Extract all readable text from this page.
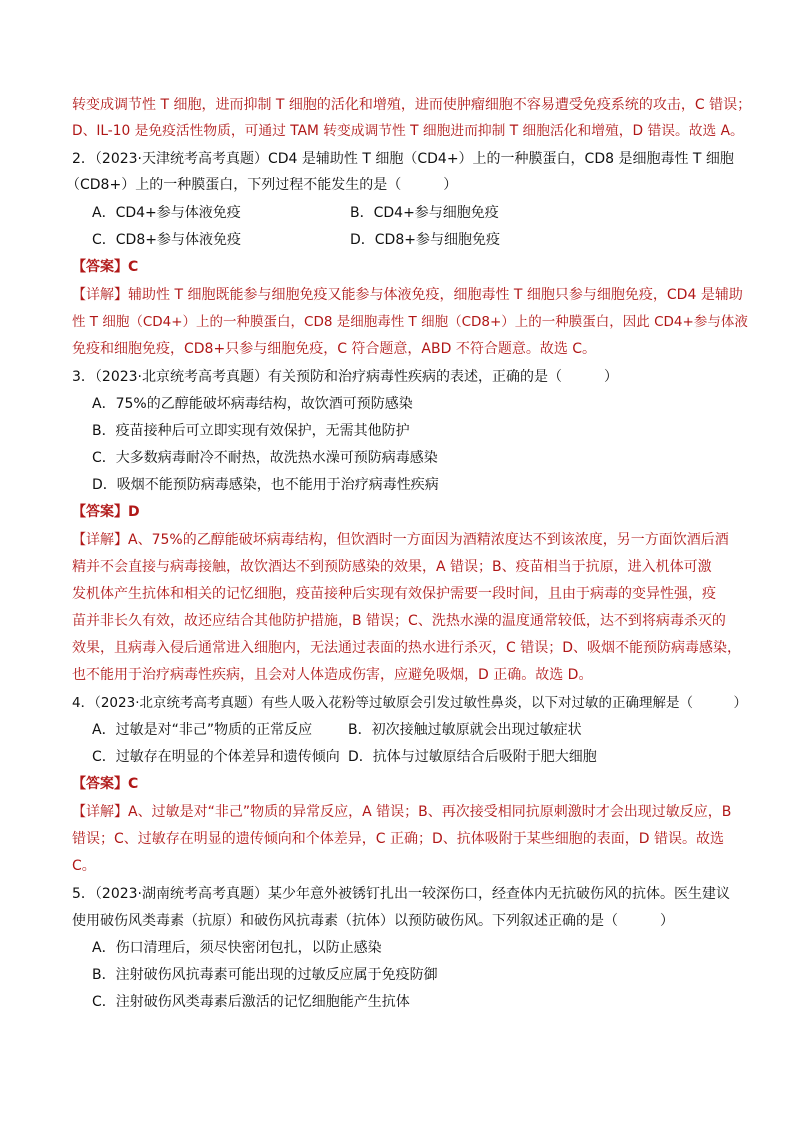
转变成调节性 T 细胞，进而抑制 T 细胞的活化和增殖，进而使肿瘤细胞不容易遭受免疫系统的攻击，C 错误；
D、IL-10 是免疫活性物质，可通过 TAM 转变成调节性 T 细胞进而抑制 T 细胞活化和增殖，D 错误。故选 A。
2．（2023·天津统考高考真题）CD4 是辅助性 T 细胞（CD4+）上的一种膜蛋白，CD8 是细胞毒性 T 细胞
（CD8+）上的一种膜蛋白，下列过程不能发生的是（　　　）
A．CD4+参与体液免疫	B．CD4+参与细胞免疫
C．CD8+参与体液免疫	D．CD8+参与细胞免疫
【答案】C
【详解】辅助性 T 细胞既能参与细胞免疫又能参与体液免疫，细胞毒性 T 细胞只参与细胞免疫，CD4 是辅助
性 T 细胞（CD4+）上的一种膜蛋白，CD8 是细胞毒性 T 细胞（CD8+）上的一种膜蛋白，因此 CD4+参与体液
免疫和细胞免疫，CD8+只参与细胞免疫，C 符合题意，ABD 不符合题意。故选 C。
3．（2023·北京统考高考真题）有关预防和治疗病毒性疾病的表述，正确的是（　　　）
A．75%的乙醇能破坏病毒结构，故饮酒可预防感染
B．疫苗接种后可立即实现有效保护，无需其他防护
C．大多数病毒耐冷不耐热，故洗热水澡可预防病毒感染
D．吸烟不能预防病毒感染，也不能用于治疗病毒性疾病
【答案】D
【详解】A、75%的乙醇能破坏病毒结构，但饮酒时一方面因为酒精浓度达不到该浓度，另一方面饮酒后酒
精并不会直接与病毒接触，故饮酒达不到预防感染的效果，A 错误；B、疫苗相当于抗原，进入机体可激
发机体产生抗体和相关的记忆细胞，疫苗接种后实现有效保护需要一段时间，且由于病毒的变异性强，疫
苗并非长久有效，故还应结合其他防护措施，B 错误；C、洗热水澡的温度通常较低，达不到将病毒杀灭的
效果，且病毒入侵后通常进入细胞内，无法通过表面的热水进行杀灭，C 错误；D、吸烟不能预防病毒感染，
也不能用于治疗病毒性疾病，且会对人体造成伤害，应避免吸烟，D 正确。故选 D。
4．（2023·北京统考高考真题）有些人吸入花粉等过敏原会引发过敏性鼻炎，以下对过敏的正确理解是（　　　）
A．过敏是对“非己”物质的正常反应	B．初次接触过敏原就会出现过敏症状
C．过敏存在明显的个体差异和遗传倾向 D．抗体与过敏原结合后吸附于肥大细胞
【答案】C
【详解】A、过敏是对“非己”物质的异常反应，A 错误；B、再次接受相同抗原刺激时才会出现过敏反应，B
错误；C、过敏存在明显的遗传倾向和个体差异，C 正确；D、抗体吸附于某些细胞的表面，D 错误。故选
C。
5．（2023·湖南统考高考真题）某少年意外被锈钉扎出一较深伤口，经查体内无抗破伤风的抗体。医生建议
使用破伤风类毒素（抗原）和破伤风抗毒素（抗体）以预防破伤风。下列叙述正确的是（　　　）
A．伤口清理后，须尽快密闭包扎，以防止感染
B．注射破伤风抗毒素可能出现的过敏反应属于免疫防御
C．注射破伤风类毒素后激活的记忆细胞能产生抗体
